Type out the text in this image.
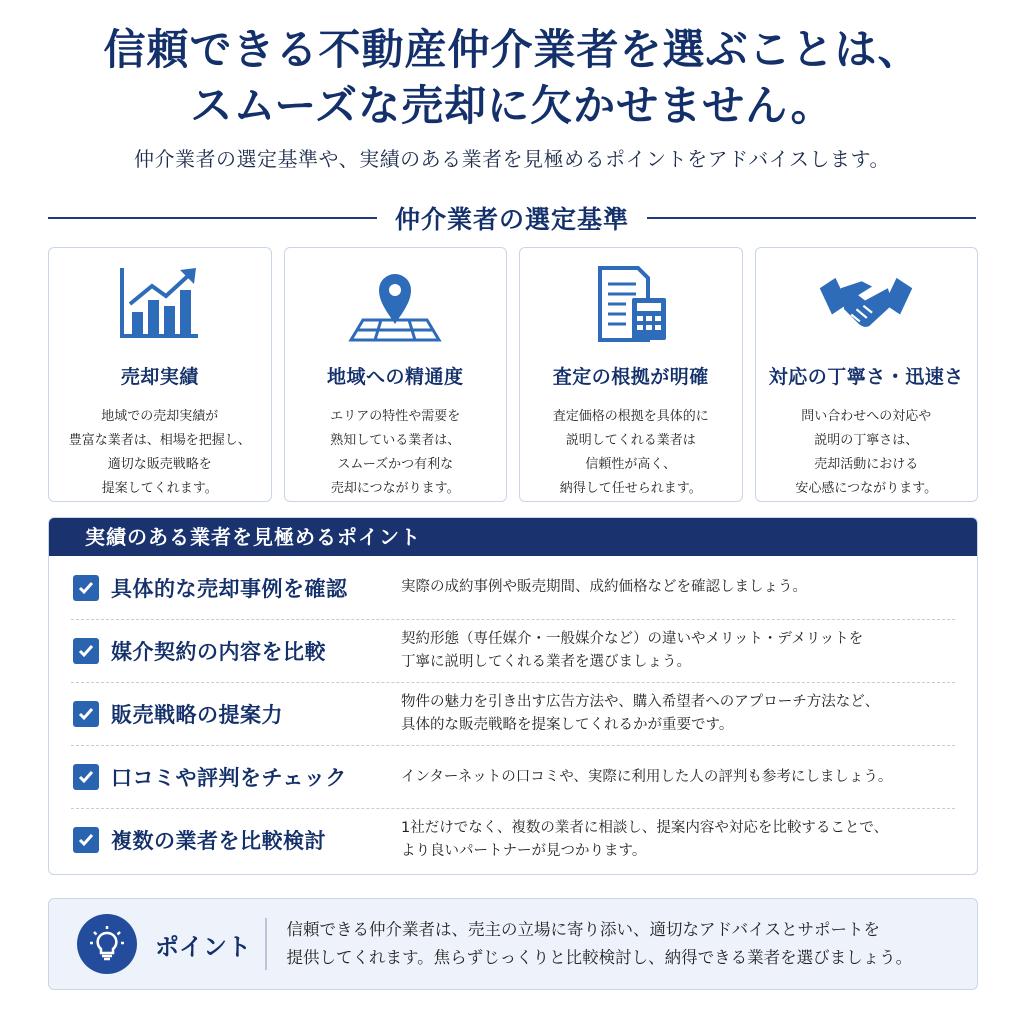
信頼できる不動産仲介業者を選ぶことは、
スムーズな売却に欠かせません。
仲介業者の選定基準や、実績のある業者を見極めるポイントをアドバイスします。
仲介業者の選定基準
売却実績
地域での売却実績が
豊富な業者は、相場を把握し、
適切な販売戦略を
提案してくれます。
地域への精通度
エリアの特性や需要を
熟知している業者は、
スムーズかつ有利な
売却につながります。
査定の根拠が明確
査定価格の根拠を具体的に
説明してくれる業者は
信頼性が高く、
納得して任せられます。
対応の丁寧さ・迅速さ
問い合わせへの対応や
説明の丁寧さは、
売却活動における
安心感につながります。
実績のある業者を見極めるポイント
具体的な売却事例を確認	実際の成約事例や販売期間、成約価格などを確認しましょう。
媒介契約の内容を比較
契約形態（専任媒介・一般媒介など）の違いやメリット・デメリットを
丁寧に説明してくれる業者を選びましょう。
販売戦略の提案力
物件の魅力を引き出す広告方法や、購入希望者へのアプローチ方法など、
具体的な販売戦略を提案してくれるかが重要です。
口コミや評判をチェック	インターネットの口コミや、実際に利用した人の評判も参考にしましょう。
複数の業者を比較検討
1社だけでなく、複数の業者に相談し、提案内容や対応を比較することで、
より良いパートナーが見つかります。
ポイント
信頼できる仲介業者は、売主の立場に寄り添い、適切なアドバイスとサポートを
提供してくれます。焦らずじっくりと比較検討し、納得できる業者を選びましょう。
